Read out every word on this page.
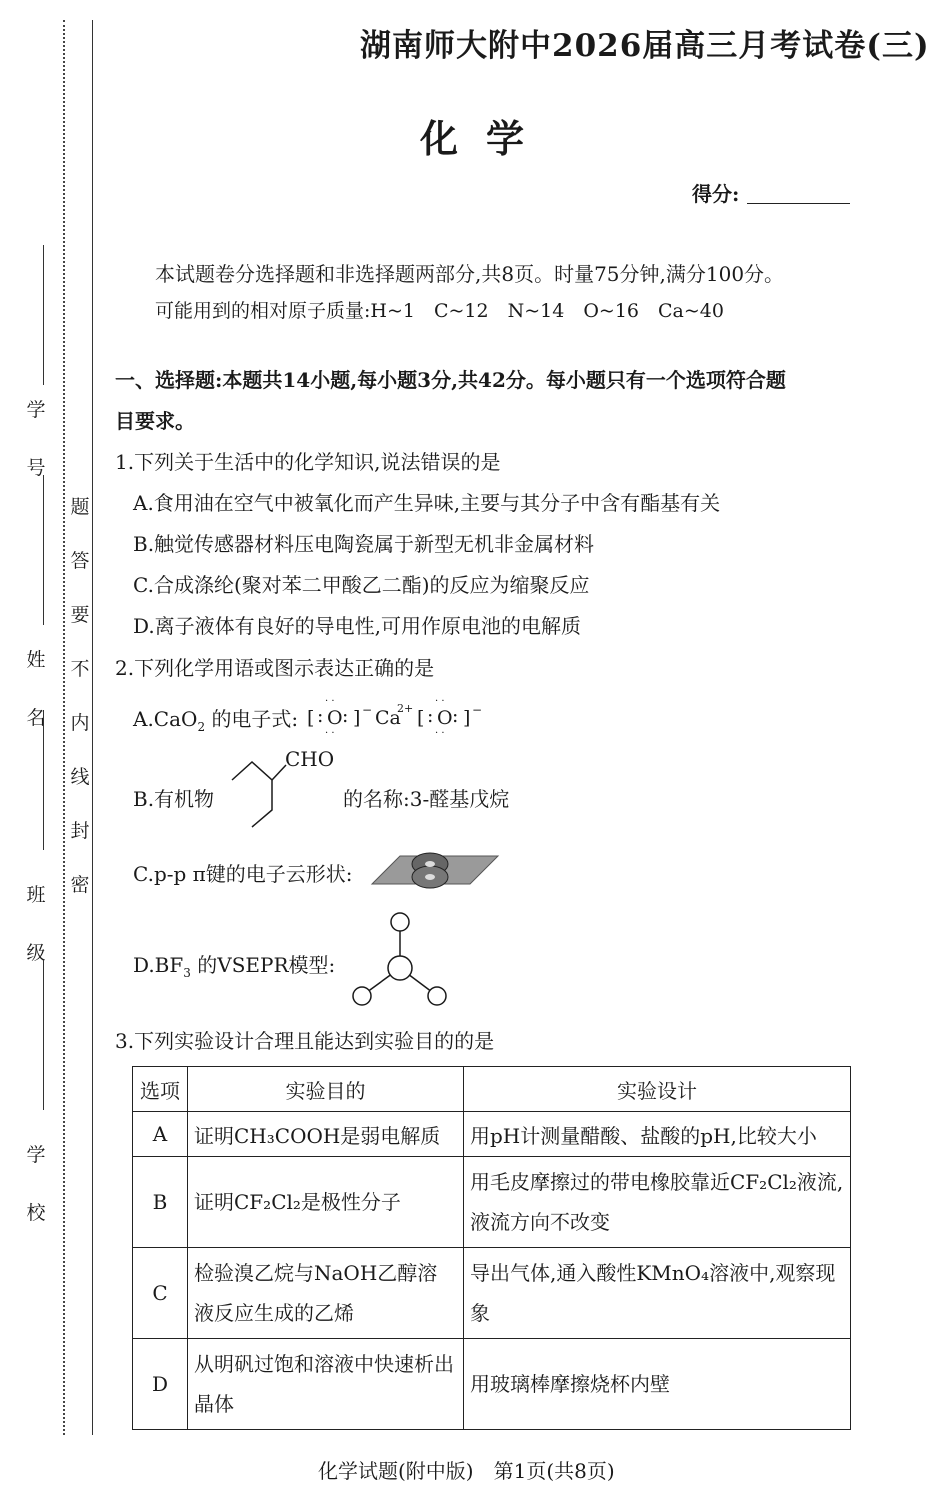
学
号
姓
名
班
级
学
校
题
答
要
不
内
线
封
密
湖南师大附中2026届高三月考试卷(三)
化学
得分:
本试题卷分选择题和非选择题两部分,共8页。时量75分钟,满分100分。
可能用到的相对原子质量:H~1　C~12　N~14　O~16　Ca~40
一、选择题:本题共14小题,每小题3分,共42分。每小题只有一个选项符合题
目要求。
1.下列关于生活中的化学知识,说法错误的是
A.食用油在空气中被氧化而产生异味,主要与其分子中含有酯基有关
B.触觉传感器材料压电陶瓷属于新型无机非金属材料
C.合成涤纶(聚对苯二甲酸乙二酯)的反应为缩聚反应
D.离子液体有良好的导电性,可用作原电池的电解质
2.下列化学用语或图示表达正确的是
A.CaO$_2$ 的电子式: [ : O :
· ·
· ·
] − Ca
2+ [ : O :
· ·
· ·
] −
B.有机物
CHO
的名称:3-醛基戊烷
C.p-p π键的电子云形状:
$D.BF_3$ 的VSEPR模型:
3.下列实验设计合理且能达到实验目的的是
选项	实验目的	实验设计
A	证明CH₃COOH是弱电解质	用pH计测量醋酸、盐酸的pH,比较大小
B	证明CF₂Cl₂是极性分子	用毛皮摩擦过的带电橡胶靠近CF₂Cl₂液流,液流方向不改变
C	检验溴乙烷与NaOH乙醇溶液反应生成的乙烯	导出气体,通入酸性KMnO₄溶液中,观察现象
D	从明矾过饱和溶液中快速析出晶体	用玻璃棒摩擦烧杯内壁
化学试题(附中版)　第1页(共8页)
